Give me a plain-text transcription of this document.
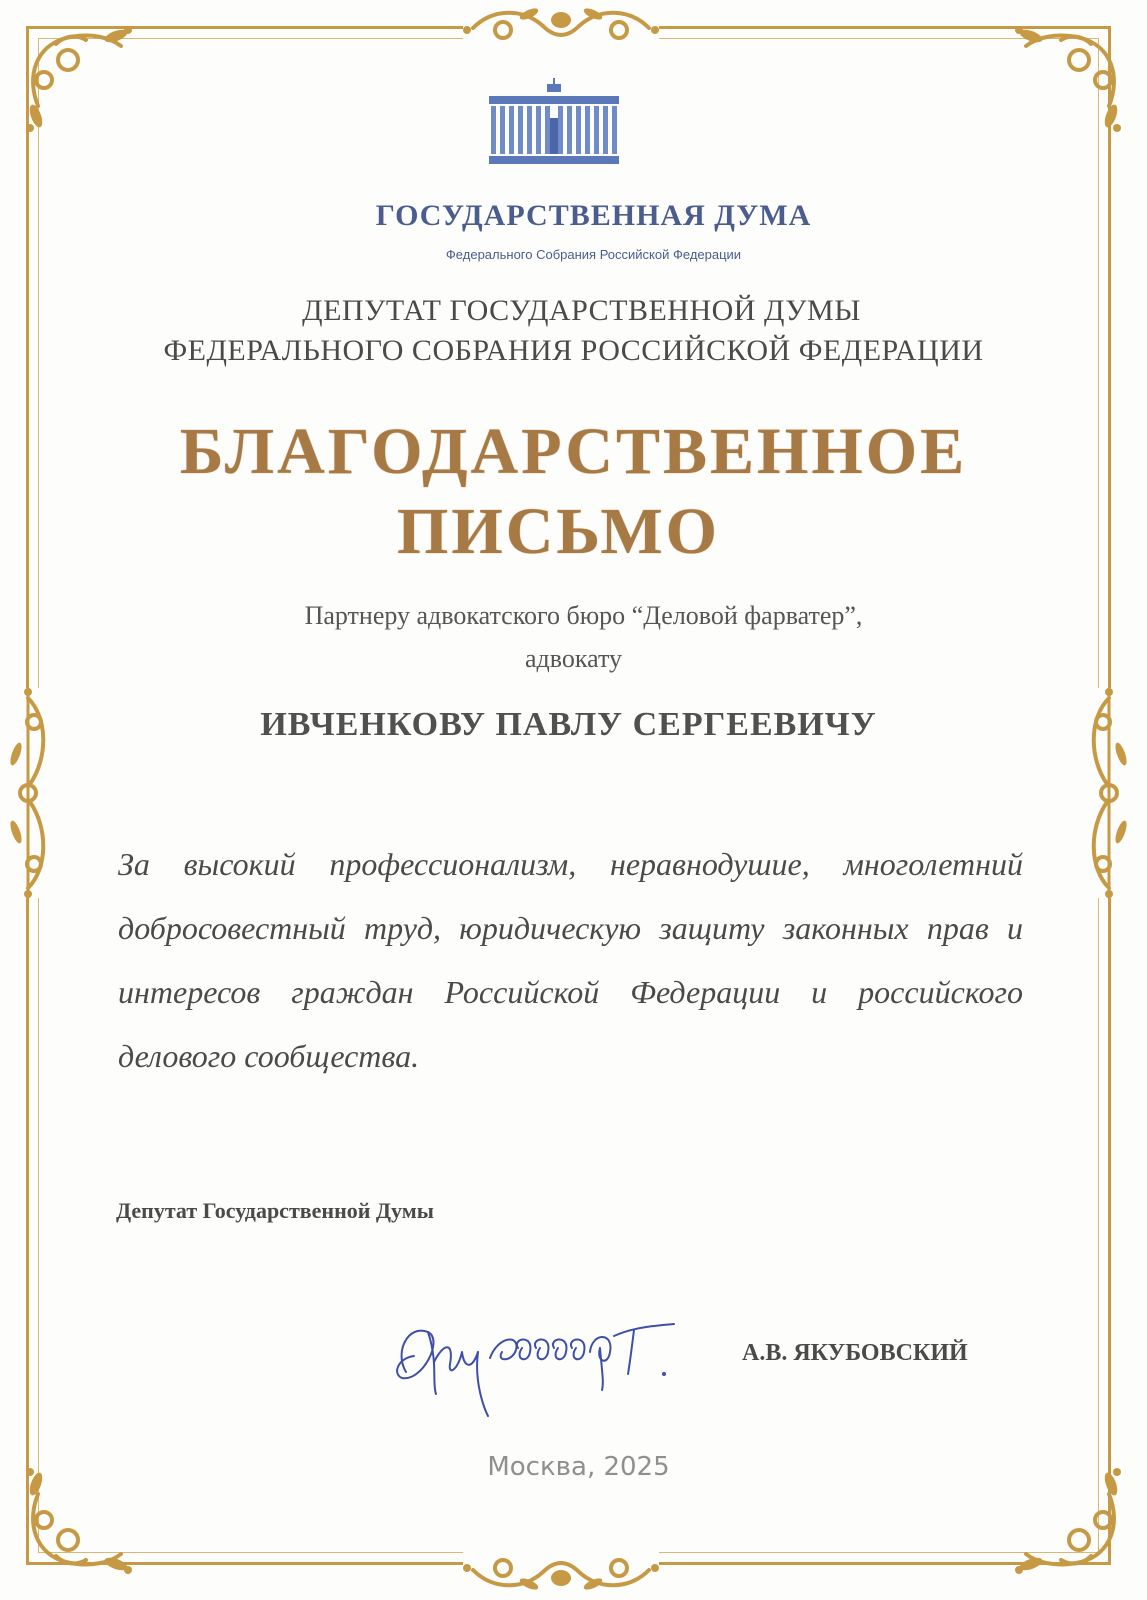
ГОСУДАРСТВЕННАЯ ДУМА
Федерального Собрания Российской Федерации
ДЕПУТАТ ГОСУДАРСТВЕННОЙ ДУМЫ
ФЕДЕРАЛЬНОГО СОБРАНИЯ РОССИЙСКОЙ ФЕДЕРАЦИИ
БЛАГОДАРСТВЕННОЕ
ПИСЬМО
Партнеру адвокатского бюро “Деловой фарватер”,
адвокату
ИВЧЕНКОВУ ПАВЛУ СЕРГЕЕВИЧУ
За высокий профессионализм, неравнодушие, многолетний добросовестный труд, юридическую защиту законных прав и интересов граждан Российской Федерации и российского делового сообщества.
Депутат Государственной Думы
А.В. ЯКУБОВСКИЙ
Москва, 2025
